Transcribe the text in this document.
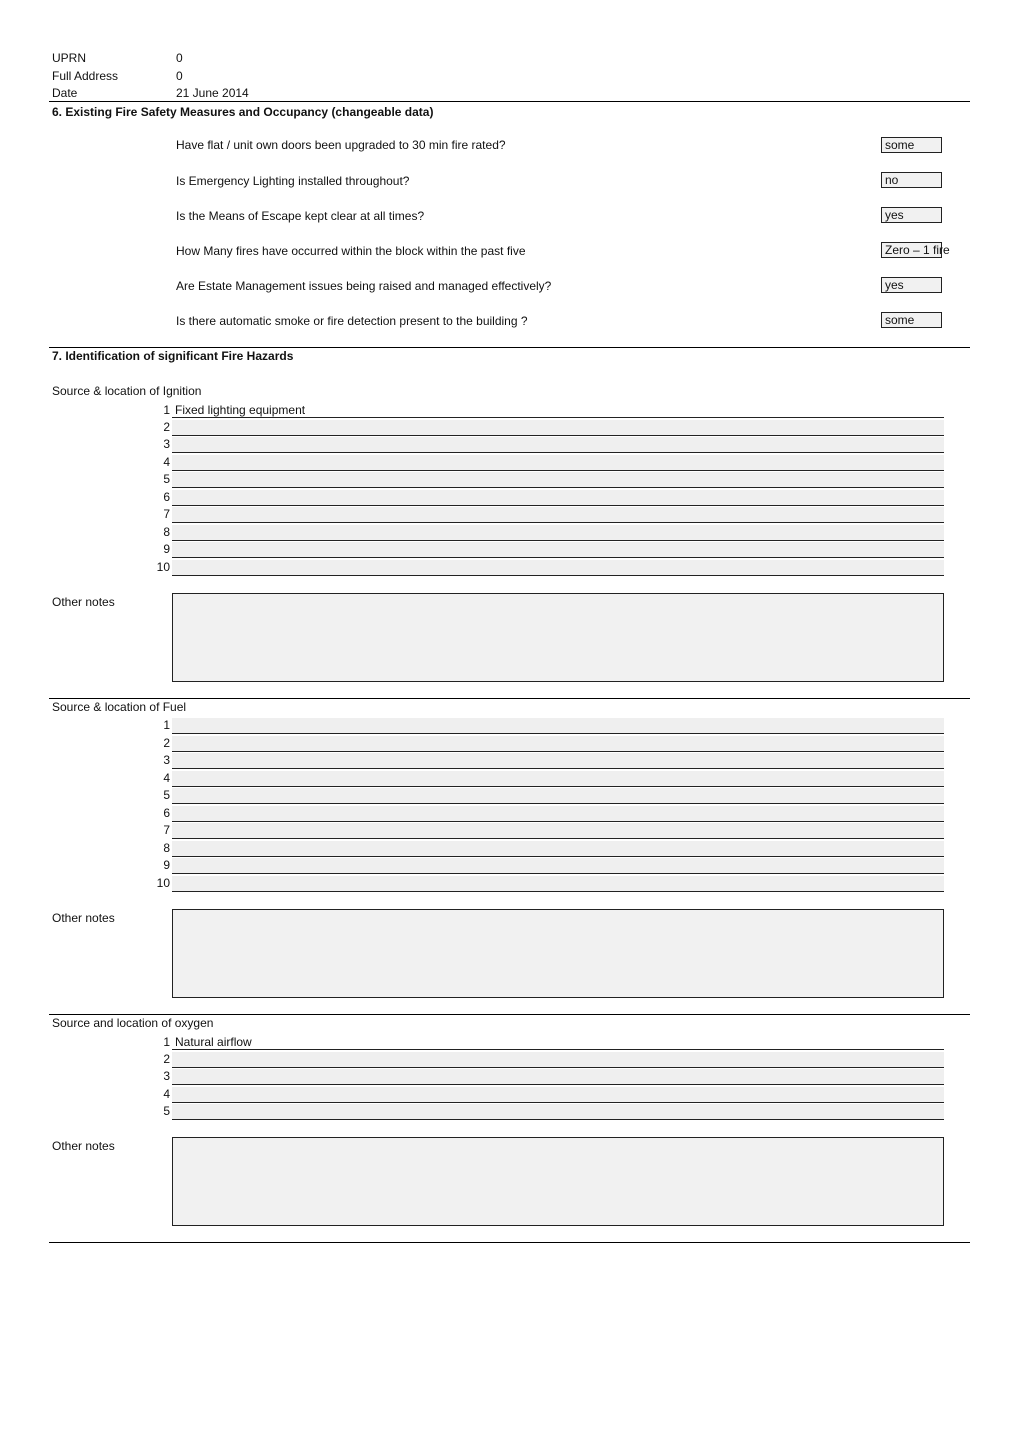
UPRN	0
Full Address	0
Date	21 June 2014
6. Existing Fire Safety Measures and Occupancy (changeable data)
Have flat / unit own doors been upgraded to 30 min fire rated?	some
Is Emergency Lighting installed throughout?	no
Is the Means of Escape kept clear at all times?	yes
How Many fires have occurred within the block within the past five	Zero – 1 fire
Are Estate Management issues being raised and managed effectively?	yes
Is there automatic smoke or fire detection present to the building ?	some
7. Identification of significant Fire Hazards
Source & location of Ignition
1 Fixed lighting equipment
2
3
4
5
6
7
8
9
10
Other notes
Source & location of Fuel
1
2
3
4
5
6
7
8
9
10
Other notes
Source and location of oxygen
1 Natural airflow
2
3
4
5
Other notes
